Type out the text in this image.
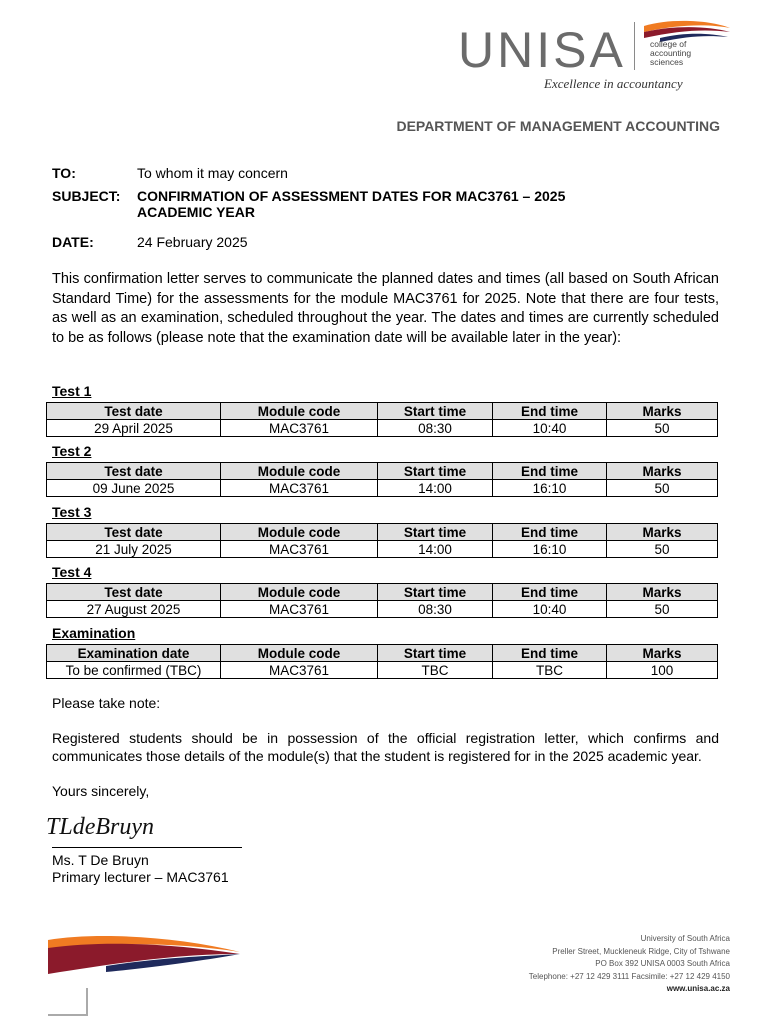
UNISA	college of
accounting
sciences
Excellence in accountancy
DEPARTMENT OF MANAGEMENT ACCOUNTING
TO:	To whom it may concern
SUBJECT: CONFIRMATION OF ASSESSMENT DATES FOR MAC3761 – 2025
ACADEMIC YEAR
DATE:	24 February 2025
This confirmation letter serves to communicate the planned dates and times (all based on South African Standard Time) for the assessments for the module MAC3761 for 2025. Note that there are four tests, as well as an examination, scheduled throughout the year. The dates and times are currently scheduled to be as follows (please note that the examination date will be available later in the year):
Test 1
Test date	Module code	Start time	End time	Marks
29 April 2025	MAC3761	08:30	10:40	50
Test 2
Test date	Module code	Start time	End time	Marks
09 June 2025	MAC3761	14:00	16:10	50
Test 3
Test date	Module code	Start time	End time	Marks
21 July 2025	MAC3761	14:00	16:10	50
Test 4
Test date	Module code	Start time	End time	Marks
27 August 2025	MAC3761	08:30	10:40	50
Examination
Examination date	Module code	Start time	End time	Marks
To be confirmed (TBC)	MAC3761	TBC	TBC	100
Please take note:
Registered students should be in possession of the official registration letter, which confirms and communicates those details of the module(s) that the student is registered for in the 2025 academic year.
Yours sincerely,
TLdeBruyn
Ms. T De Bruyn
Primary lecturer – MAC3761
University of South Africa
Preller Street, Muckleneuk Ridge, City of Tshwane
PO Box 392 UNISA 0003 South Africa
Telephone: +27 12 429 3111 Facsimile: +27 12 429 4150
www.unisa.ac.za
